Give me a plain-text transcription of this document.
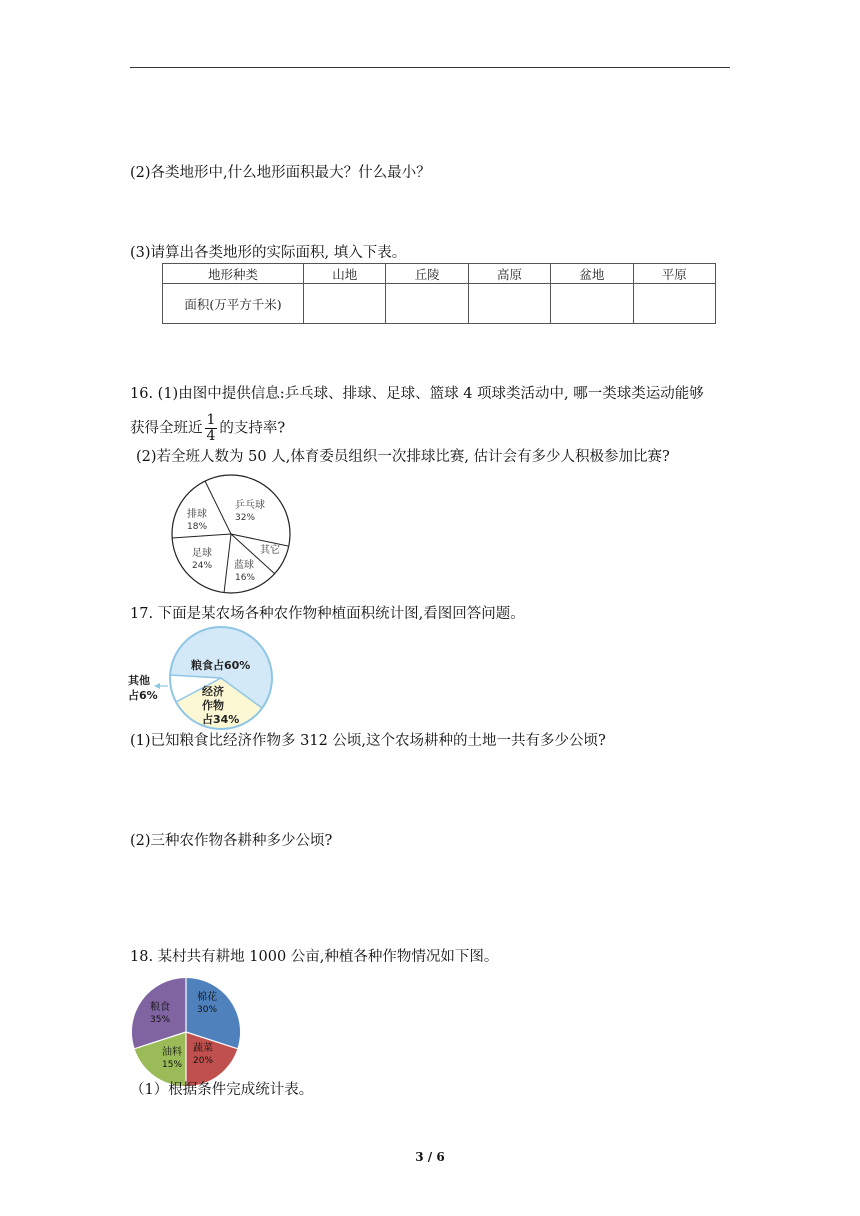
(2)各类地形中,什么地形面积最大？什么最小？
(3)请算出各类地形的实际面积, 填入下表。
地形种类	山地	丘陵	高原	盆地	平原
面积(万平方千米)					
16. (1)由图中提供信息:乒乓球、排球、足球、篮球 4 项球类活动中, 哪一类球类运动能够
获得全班近 $\frac{1}{4}$ 的支持率?
(2)若全班人数为 50 人,体育委员组织一次排球比赛, 估计会有多少人积极参加比赛?
乒乓球
32%
排球
18%
足球
24% 蓝球
16%
其它
17. 下面是某农场各种农作物种植面积统计图,看图回答问题。
粮食占60%
经济
作物
占34%
其他
占6%
(1)已知粮食比经济作物多 312 公顷,这个农场耕种的土地一共有多少公顷?
(2)三种农作物各耕种多少公顷?
18. 某村共有耕地 1000 公亩,种植各种作物情况如下图。
粮食
35%
棉花
30%
蔬菜
20%
油料
15%
（1）根据条件完成统计表。
3 / 6
